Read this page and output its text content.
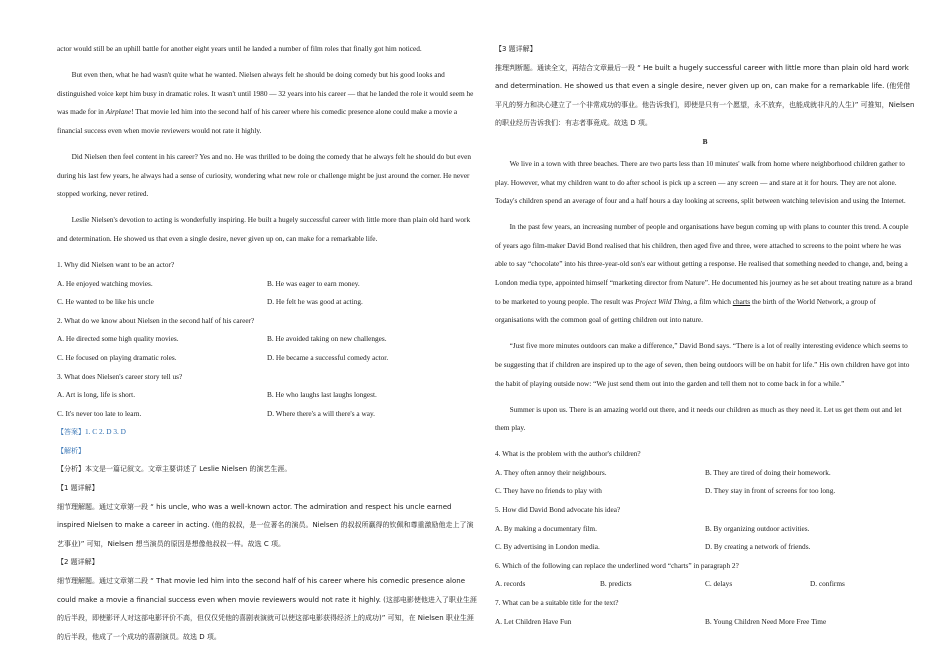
actor would still be an uphill battle for another eight years until he landed a number of film roles that finally got him noticed.

But even then, what he had wasn't quite what he wanted. Nielsen always felt he should be doing comedy but his good looks and distinguished voice kept him busy in dramatic roles. It wasn't until 1980 — 32 years into his career — that he landed the role it would seem he was made for in Airplane! That movie led him into the second half of his career where his comedic presence alone could make a movie a financial success even when movie reviewers would not rate it highly.

Did Nielsen then feel content in his career? Yes and no. He was thrilled to be doing the comedy that he always felt he should do but even during his last few years, he always had a sense of curiosity, wondering what new role or challenge might be just around the corner. He never stopped working, never retired.

Leslie Nielsen's devotion to acting is wonderfully inspiring. He built a hugely successful career with little more than plain old hard work and determination. He showed us that even a single desire, never given up on, can make for a remarkable life.

1. Why did Nielsen want to be an actor?

A. He enjoyed watching movies.	B. He was eager to earn money.
C. He wanted to be like his uncle	D. He felt he was good at acting.

2. What do we know about Nielsen in the second half of his career?

A. He directed some high quality movies.	B. He avoided taking on new challenges.
C. He focused on playing dramatic roles.	D. He became a successful comedy actor.

3. What does Nielsen's career story tell us?

A. Art is long, life is short.	B. He who laughs last laughs longest.
C. It's never too late to learn.	D. Where there's a will there's a way.

【答案】1. C 2. D 3. D

【解析】

【分析】本文是一篇记叙文。文章主要讲述了 Leslie Nielsen 的演艺生涯。

【1 题详解】

细节理解题。通过文章第一段 “ his uncle, who was a well-known actor. The admiration and respect his uncle earned inspired Nielsen to make a career in acting. (他的叔叔，是一位著名的演员。Nielsen 的叔叔所赢得的钦佩和尊重激励他走上了演艺事业)” 可知，Nielsen 想当演员的原因是想像他叔叔一样。故选 C 项。

【2 题详解】

细节理解题。通过文章第二段 “ That movie led him into the second half of his career where his comedic presence alone could make a movie a financial success even when movie reviewers would not rate it highly. (这部电影使他进入了职业生涯的后半段，即使影评人对这部电影评价不高，但仅仅凭他的喜剧表演就可以使这部电影获得经济上的成功)” 可知，在 Nielsen 职业生涯的后半段，他成了一个成功的喜剧演员。故选 D 项。

【3 题详解】

推理判断题。通读全文，再结合文章最后一段 “ He built a hugely successful career with little more than plain old hard work and determination. He showed us that even a single desire, never given up on, can make for a remarkable life. (他凭借平凡的努力和决心建立了一个非常成功的事业。他告诉我们，即使是只有一个愿望，永不放弃，也能成就非凡的人生)” 可推知，Nielsen 的职业经历告诉我们：有志者事竟成。故选 D 项。

B

We live in a town with three beaches. There are two parts less than 10 minutes' walk from home where neighborhood children gather to play. However, what my children want to do after school is pick up a screen — any screen — and stare at it for hours. They are not alone. Today's children spend an average of four and a half hours a day looking at screens, split between watching television and using the Internet.

In the past few years, an increasing number of people and organisations have begun coming up with plans to counter this trend. A couple of years ago film-maker David Bond realised that his children, then aged five and three, were attached to screens to the point where he was able to say “chocolate” into his three-year-old son's ear without getting a response. He realised that something needed to change, and, being a London media type, appointed himself “marketing director from Nature”. He documented his journey as he set about treating nature as a brand to be marketed to young people. The result was Project Wild Thing, a film which charts the birth of the World Network, a group of organisations with the common goal of getting children out into nature.

“Just five more minutes outdoors can make a difference,” David Bond says. “There is a lot of really interesting evidence which seems to be suggesting that if children are inspired up to the age of seven, then being outdoors will be on habit for life.” His own children have got into the habit of playing outside now: “We just send them out into the garden and tell them not to come back in for a while.”

Summer is upon us. There is an amazing world out there, and it needs our children as much as they need it. Let us get them out and let them play.

4. What is the problem with the author's children?

A. They often annoy their neighbours.	B. They are tired of doing their homework.
C. They have no friends to play with	D. They stay in front of screens for too long.

5. How did David Bond advocate his idea?

A. By making a documentary film.	B. By organizing outdoor activities.
C. By advertising in London media.	D. By creating a network of friends.

6. Which of the following can replace the underlined word “charts” in paragraph 2?

A. records	B. predicts	C. delays	D. confirms

7. What can be a suitable title for the text?

A. Let Children Have Fun	B. Young Children Need More Free Time
